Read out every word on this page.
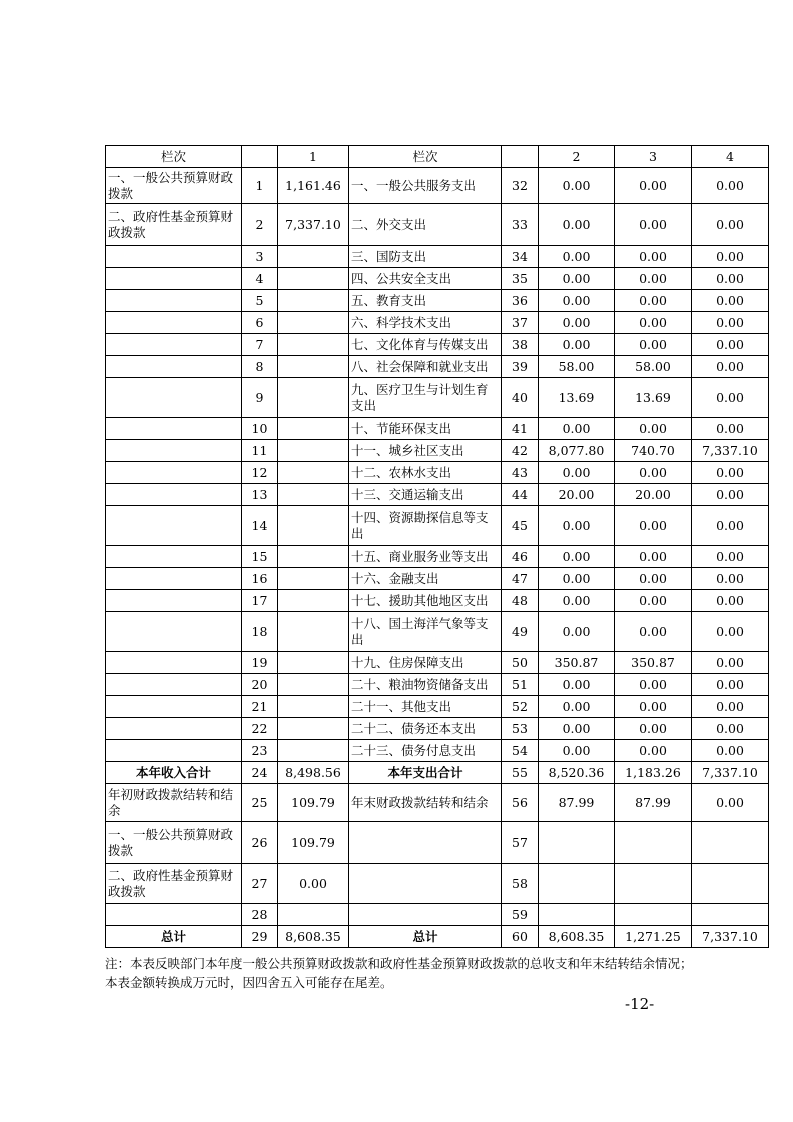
栏次		1	栏次		2	3	4
一、一般公共预算财政拨款	1	1,161.46	一、一般公共服务支出	32	0.00	0.00	0.00
二、政府性基金预算财政拨款	2	7,337.10	二、外交支出	33	0.00	0.00	0.00
	3		三、国防支出	34	0.00	0.00	0.00
	4		四、公共安全支出	35	0.00	0.00	0.00
	5		五、教育支出	36	0.00	0.00	0.00
	6		六、科学技术支出	37	0.00	0.00	0.00
	7		七、文化体育与传媒支出	38	0.00	0.00	0.00
	8		八、社会保障和就业支出	39	58.00	58.00	0.00
	9		九、医疗卫生与计划生育支出	40	13.69	13.69	0.00
	10		十、节能环保支出	41	0.00	0.00	0.00
	11		十一、城乡社区支出	42	8,077.80	740.70	7,337.10
	12		十二、农林水支出	43	0.00	0.00	0.00
	13		十三、交通运输支出	44	20.00	20.00	0.00
	14		十四、资源勘探信息等支出	45	0.00	0.00	0.00
	15		十五、商业服务业等支出	46	0.00	0.00	0.00
	16		十六、金融支出	47	0.00	0.00	0.00
	17		十七、援助其他地区支出	48	0.00	0.00	0.00
	18		十八、国土海洋气象等支出	49	0.00	0.00	0.00
	19		十九、住房保障支出	50	350.87	350.87	0.00
	20		二十、粮油物资储备支出	51	0.00	0.00	0.00
	21		二十一、其他支出	52	0.00	0.00	0.00
	22		二十二、债务还本支出	53	0.00	0.00	0.00
	23		二十三、债务付息支出	54	0.00	0.00	0.00
本年收入合计	24	8,498.56	本年支出合计	55	8,520.36	1,183.26	7,337.10
年初财政拨款结转和结余	25	109.79	年末财政拨款结转和结余	56	87.99	87.99	0.00
一、一般公共预算财政拨款	26	109.79		57			
二、政府性基金预算财政拨款	27	0.00		58			
	28			59			
总计	29	8,608.35	总计	60	8,608.35	1,271.25	7,337.10
注：本表反映部门本年度一般公共预算财政拨款和政府性基金预算财政拨款的总收支和年末结转结余情况；
本表金额转换成万元时，因四舍五入可能存在尾差。
-12-
